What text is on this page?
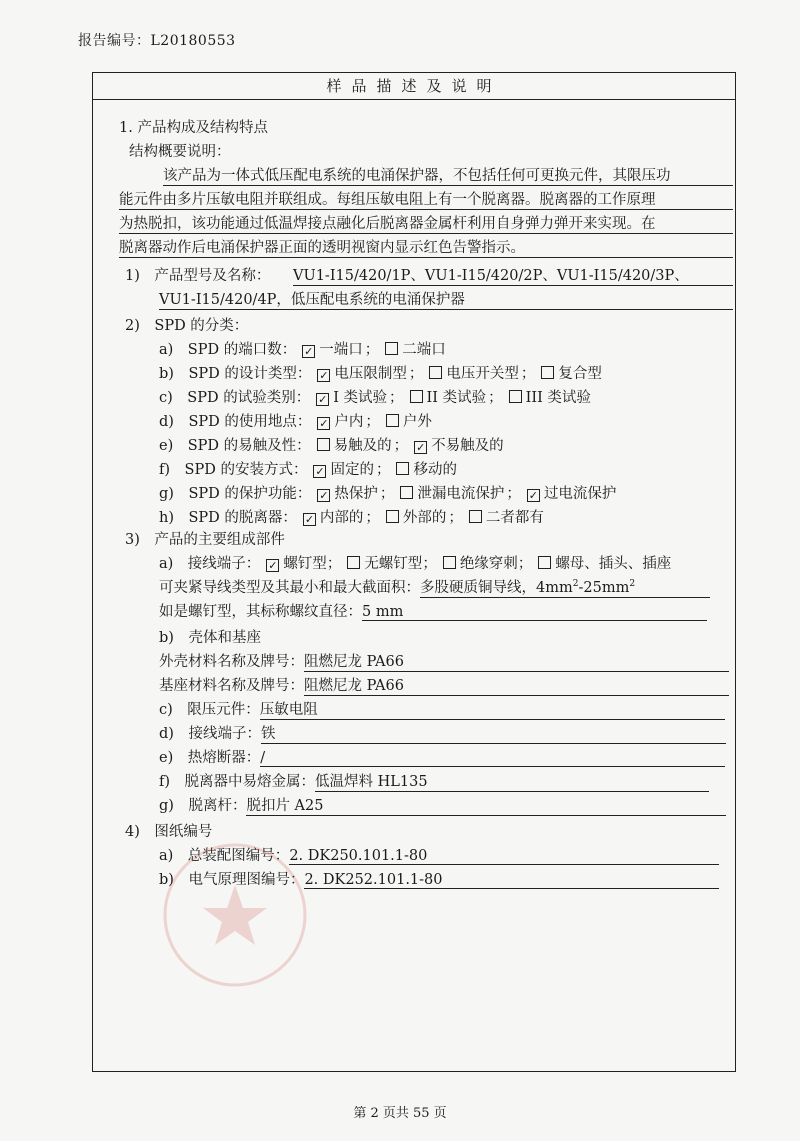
报告编号：L20180553
样品描述及说明
1. 产品构成及结构特点
结构概要说明：
该产品为一体式低压配电系统的电涌保护器，不包括任何可更换元件，其限压功
能元件由多片压敏电阻并联组成。每组压敏电阻上有一个脱离器。脱离器的工作原理
为热脱扣，该功能通过低温焊接点融化后脱离器金属杆利用自身弹力弹开来实现。在
脱离器动作后电涌保护器正面的透明视窗内显示红色告警指示。
1)　产品型号及名称： VU1-I15/420/1P、VU1-I15/420/2P、VU1-I15/420/3P、
VU1-I15/420/4P，低压配电系统的电涌保护器
2)　SPD 的分类：
a)　SPD 的端口数： ✓ 一端口 ； 二端口
b)　SPD 的设计类型： ✓ 电压限制型 ； 电压开关型 ； 复合型
c)　SPD 的试验类别： ✓ I 类试验 ； II 类试验 ； III 类试验
d)　SPD 的使用地点： ✓ 户内 ； 户外
e)　SPD 的易触及性： 易触及的 ； ✓ 不易触及的
f)　SPD 的安装方式： ✓ 固定的 ； 移动的
g)　SPD 的保护功能： ✓ 热保护 ； 泄漏电流保护 ； ✓ 过电流保护
h)　SPD 的脱离器： ✓ 内部的 ； 外部的 ； 二者都有
3)　产品的主要组成部件
a)　接线端子： ✓ 螺钉型； 无螺钉型； 绝缘穿刺； 螺母、插头、插座
可夹紧导线类型及其最小和最大截面积：多股硬质铜导线，$4mm^2-25mm^2$
如是螺钉型，其标称螺纹直径：5 mm
b)　壳体和基座
外壳材料名称及牌号：阻燃尼龙 PA66
基座材料名称及牌号：阻燃尼龙 PA66
c)　限压元件：压敏电阻
d)　接线端子：铁
e)　热熔断器：/
f)　脱离器中易熔金属：低温焊料 HL135
g)　脱离杆：脱扣片 A25
4)　图纸编号
a)　总装配图编号：2. DK250.101.1-80
b)　电气原理图编号：2. DK252.101.1-80
第 2 页共 55 页
